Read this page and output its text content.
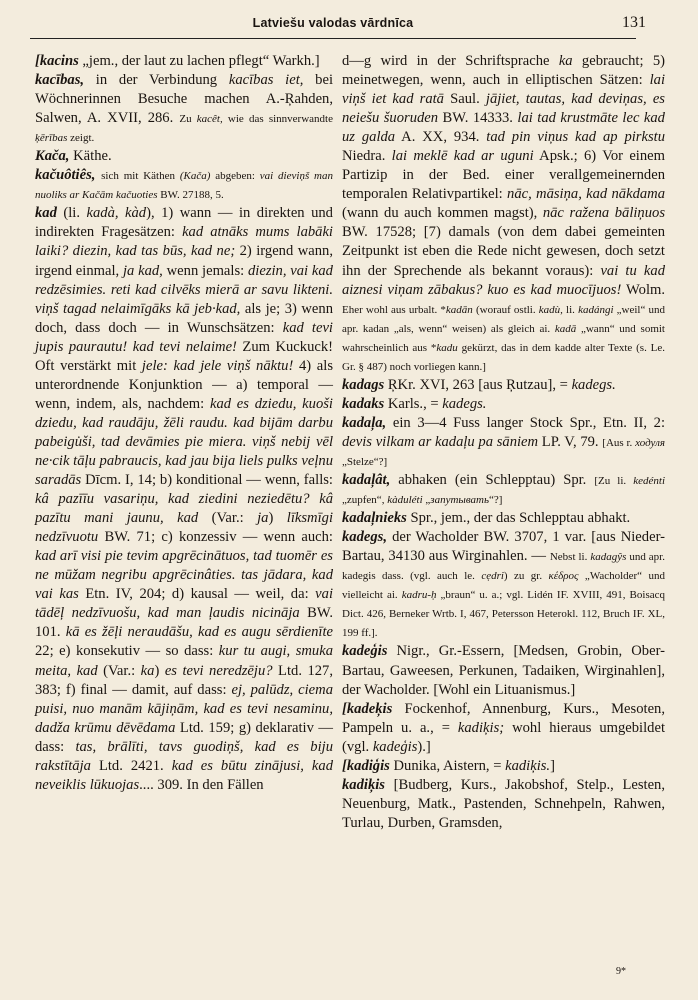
Latviešu valodas vārdnīca	131

[kacins „jem., der laut zu lachen pflegt“ Warkh.]

kacības, in der Verbindung kacības iet, bei Wöchnerinnen Besuche machen A.-Ŗahden, Salwen, A. XVII, 286. Zu kacêt, wie das sinnverwandte ķērības zeigt.

Kača, Käthe.

kačuôtiês, sich mit Käthen (Kača) abgeben: vai dieviņš man nuoliks ar Kačām kačuoties BW. 27188, 5.

kad (li. kadà, kàd), 1) wann — in direkten und indirekten Fragesätzen: kad atnāks mums labāki laiki? diezin, kad tas būs, kad ne; 2) irgend wann, irgend einmal, ja kad, wenn jemals: diezin, vai kad redzēsimies. reti kad cilvēks mierā ar savu likteni. viņš tagad nelaimīgāks kā jeb·kad, als je; 3) wenn doch, dass doch — in Wunschsätzen: kad tevi jupis paurautu! kad tevi nelaime! Zum Kuckuck! Oft verstärkt mit jele: kad jele viņš nāktu! 4) als unterordnende Konjunktion — a) temporal — wenn, indem, als, nachdem: kad es dziedu, kuoši dziedu, kad raudāju, žēli raudu. kad bijām darbu pabeigu̇ši, tad devāmies pie miera. viņš nebij vēl ne·cik tāļu pabraucis, kad jau bija liels pulks veļnu saradās Dīcm. I, 14; b) konditional — wenn, falls: kâ pazīīu vasariņu, kad ziedini neziedētu? kâ pazītu mani jaunu, kad (Var.: ja) līksmīgi nedzīvuotu BW. 71; c) konzessiv — wenn auch: kad arī visi pie tevim apgrēcinātuos, tad tuomēr es ne mūžam negribu apgrēcinâties. tas jādara, kad vai kas Etn. IV, 204; d) kausal — weil, da: vai tādēļ nedzīvuošu, kad man ļaudis nicināja BW. 101. kā es žēļi neraudāšu, kad es augu sērdienīte 22; e) konsekutiv — so dass: kur tu augi, smuka meita, kad (Var.: ka) es tevi neredzēju? Ltd. 127, 383; f) final — damit, auf dass: ej, palūdz, ciema puisi, nuo manām kājiņām, kad es tevi nesaminu, dadža krūmu dēvēdama Ltd. 159; g) deklarativ — dass: tas, brālīti, tavs guodiņš, kad es biju rakstītāja Ltd. 2421. kad es būtu zinājusi, kad neveiklis lūkuojas.... 309. In den Fällen

d—g wird in der Schriftsprache ka gebraucht; 5) meinetwegen, wenn, auch in elliptischen Sätzen: lai viņš iet kad ratā Saul. jājiet, tautas, kad deviņas, es neiešu šuoruden BW. 14333. lai tad krustmāte lec kad uz galda A. XX, 934. tad pin viņus kad ap pirkstu Niedra. lai meklē kad ar uguni Apsk.; 6) Vor einem Partizip in der Bed. einer verallgemeinernden temporalen Relativpartikel: nāc, māsiņa, kad nākdama (wann du auch kommen magst), nāc raženа bāliņuos BW. 17528; [7) damals (von dem dabei gemeinten Zeitpunkt ist eben die Rede nicht gewesen, doch setzt ihn der Sprechende als bekannt voraus): vai tu kad aiznesi viņam zābakus? kuo es kad muocījuos! Wolm. Eher wohl aus urbalt. *kadān (worauf ostli. kadù, li. kadángi „weil“ und apr. kadan „als, wenn“ weisen) als gleich ai. kadā „wann“ und somit wahrscheinlich aus *kadu gekürzt, das in dem kadde alter Texte (s. Le. Gr. § 487) noch vorliegen kann.]

kadags ŖKr. XVI, 263 [aus Ŗutzau], = kadegs.

kadaks Karls., = kadegs.

kadaļa, ein 3—4 Fuss langer Stock Spr., Etn. II, 2: devis vilkam ar kadaļu pa sāniem LP. V, 79. [Aus r. ходуля „Stelze“?]

kadaļât, abhaken (ein Schlepptau) Spr. [Zu li. kedénti „zupfen“, kàduléti „запутывать“?]

kadaļnieks Spr., jem., der das Schlepptau abhakt.

kadegs, der Wacholder BW. 3707, 1 var. [aus Nieder-Bartau, 34130 aus Wirginahlen. — Nebst li. kadagŷs und apr. kadegis dass. (vgl. auch le. cẹdri) zu gr. κέδρος „Wacholder“ und vielleicht ai. kadru-ḥ „braun“ u. a.; vgl. Lidén IF. XVIII, 491, Boisacq Dict. 426, Berneker Wrtb. I, 467, Petersson Heterokl. 112, Bruch IF. XL, 199 ff.].

kadeģis Nigr., Gr.-Essern, [Medsen, Grobin, Ober-Bartau, Gaweesen, Perkunen, Tadaiken, Wirginahlen], der Wacholder. [Wohl ein Lituanismus.]

[kadeķis Fockenhof, Annenburg, Kurs., Mesoten, Pampeln u. a., = kadiķis; wohl hieraus umgebildet (vgl. kadeģis).]

[kadiģis Dunika, Aistern, = kadiķis.]

kadiķis [Budberg, Kurs., Jakobshof, Stelp., Lesten, Neuenburg, Matk., Pastenden, Schnehpeln, Rahwen, Turlau, Durben, Gramsden,

9*
